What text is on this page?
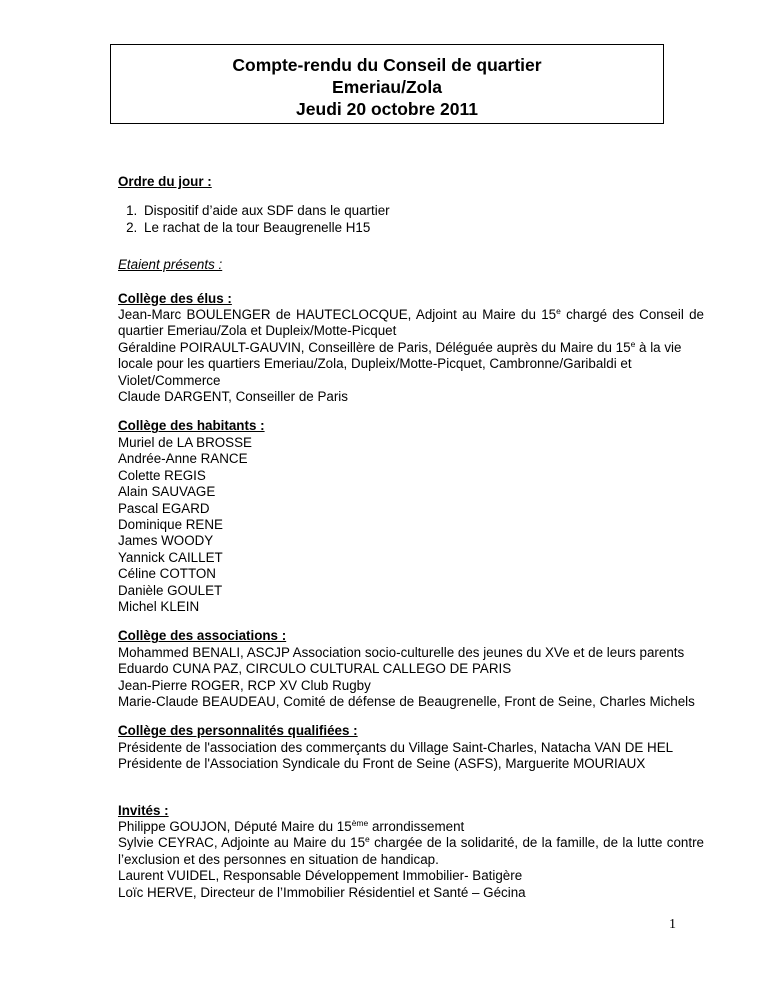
Compte-rendu du Conseil de quartier
Emeriau/Zola
Jeudi 20 octobre 2011
Ordre du jour :
1. Dispositif d’aide aux SDF dans le quartier
2. Le rachat de la tour Beaugrenelle H15
Etaient présents :
Collège des élus :
Jean-Marc BOULENGER de HAUTECLOCQUE, Adjoint au Maire du 15e chargé des Conseil de quartier Emeriau/Zola et Dupleix/Motte-Picquet
Géraldine POIRAULT-GAUVIN, Conseillère de Paris, Déléguée auprès du Maire du 15e à la vie locale pour les quartiers Emeriau/Zola, Dupleix/Motte-Picquet, Cambronne/Garibaldi et Violet/Commerce
Claude DARGENT, Conseiller de Paris
Collège des habitants :
Muriel de LA BROSSE
Andrée-Anne RANCE
Colette REGIS
Alain SAUVAGE
Pascal EGARD
Dominique RENE
James WOODY
Yannick CAILLET
Céline COTTON
Danièle GOULET
Michel KLEIN
Collège des associations :
Mohammed BENALI, ASCJP Association socio-culturelle des jeunes du XVe et de leurs parents
Eduardo CUNA PAZ, CIRCULO CULTURAL CALLEGO DE PARIS
Jean-Pierre ROGER, RCP XV Club Rugby
Marie-Claude BEAUDEAU, Comité de défense de Beaugrenelle, Front de Seine, Charles Michels
Collège des personnalités qualifiées :
Présidente de l'association des commerçants du Village Saint-Charles, Natacha VAN DE HEL
Présidente de l'Association Syndicale du Front de Seine (ASFS), Marguerite MOURIAUX
Invités :
Philippe GOUJON, Député Maire du 15ème arrondissement
Sylvie CEYRAC, Adjointe au Maire du 15e chargée de la solidarité, de la famille, de la lutte contre l’exclusion et des personnes en situation de handicap.
Laurent VUIDEL, Responsable Développement Immobilier- Batigère
Loïc HERVE, Directeur de l’Immobilier Résidentiel et Santé – Gécina
1
